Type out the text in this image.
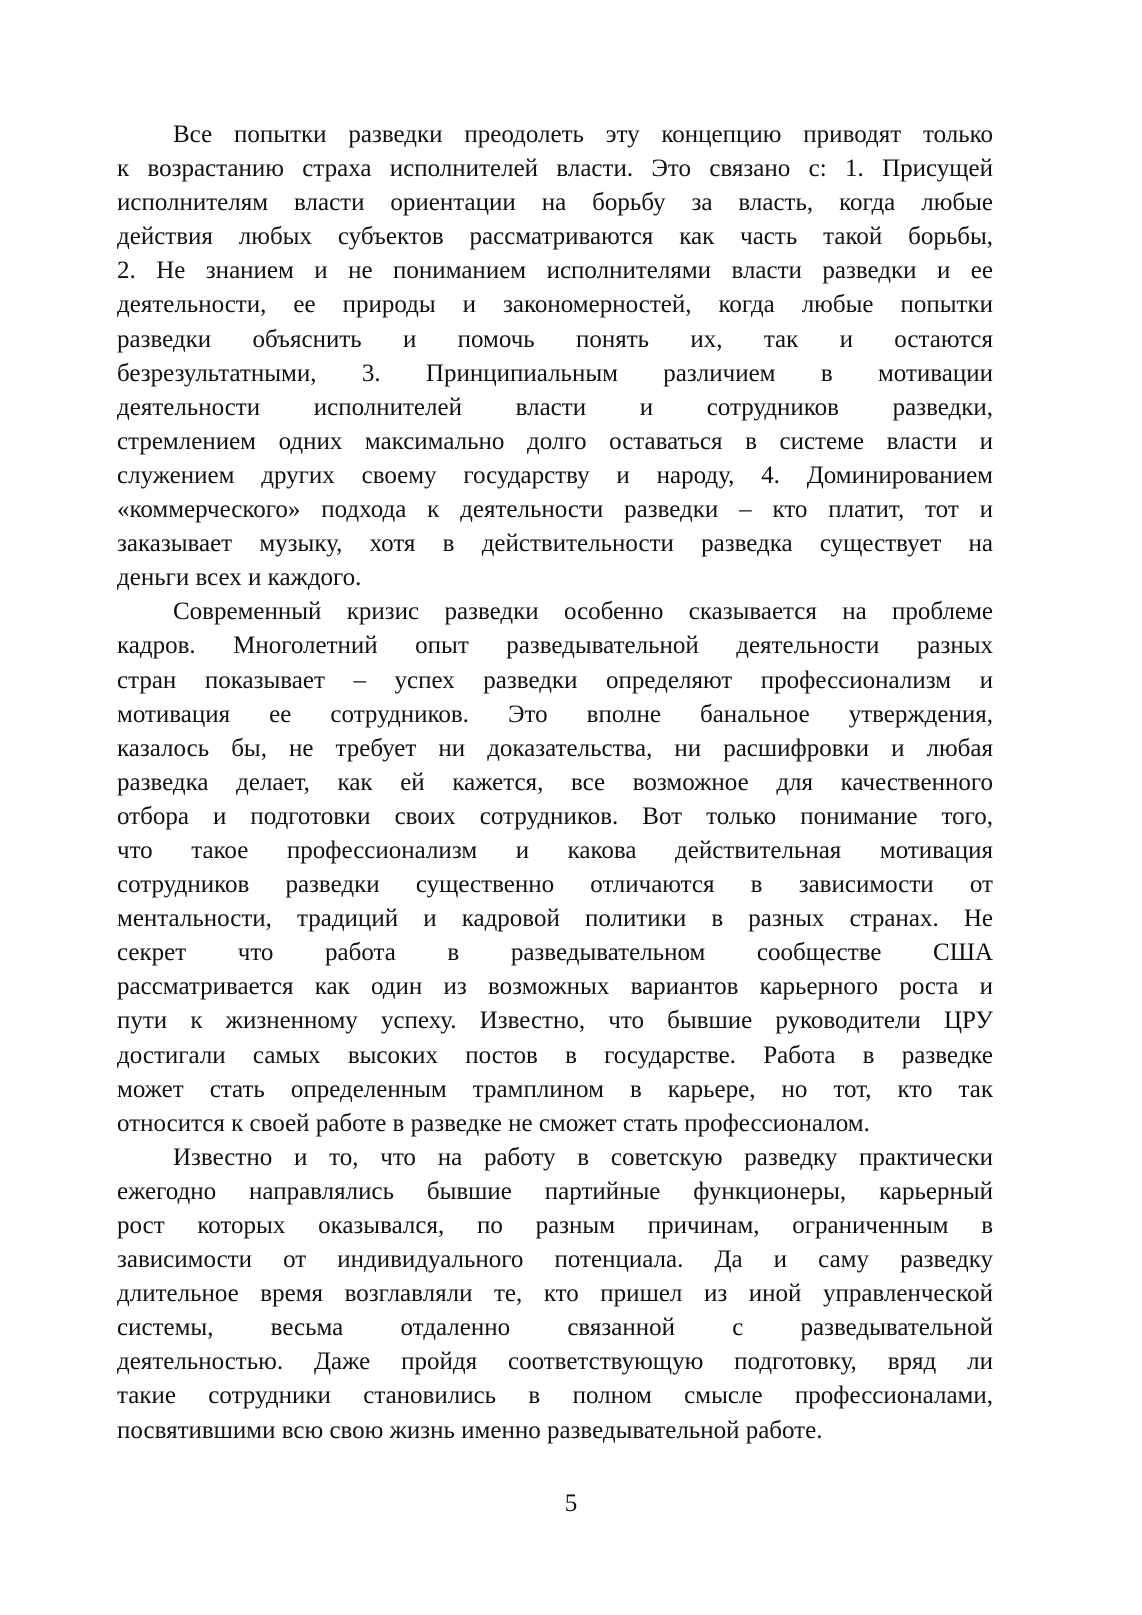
Все попытки разведки преодолеть эту концепцию приводят только
к возрастанию страха исполнителей власти. Это связано с: 1. Присущей
исполнителям власти ориентации на борьбу за власть, когда любые
действия любых субъектов рассматриваются как часть такой борьбы,
2. Не знанием и не пониманием исполнителями власти разведки и ее
деятельности, ее природы и закономерностей, когда любые попытки
разведки объяснить и помочь понять их, так и остаются
безрезультатными, 3. Принципиальным различием в мотивации
деятельности исполнителей власти и сотрудников разведки,
стремлением одних максимально долго оставаться в системе власти и
служением других своему государству и народу, 4. Доминированием
«коммерческого» подхода к деятельности разведки – кто платит, тот и
заказывает музыку, хотя в действительности разведка существует на
деньги всех и каждого.

Современный кризис разведки особенно сказывается на проблеме
кадров. Многолетний опыт разведывательной деятельности разных
стран показывает – успех разведки определяют профессионализм и
мотивация ее сотрудников. Это вполне банальное утверждения,
казалось бы, не требует ни доказательства, ни расшифровки и любая
разведка делает, как ей кажется, все возможное для качественного
отбора и подготовки своих сотрудников. Вот только понимание того,
что такое профессионализм и какова действительная мотивация
сотрудников разведки существенно отличаются в зависимости от
ментальности, традиций и кадровой политики в разных странах. Не
секрет что работа в разведывательном сообществе США
рассматривается как один из возможных вариантов карьерного роста и
пути к жизненному успеху. Известно, что бывшие руководители ЦРУ
достигали самых высоких постов в государстве. Работа в разведке
может стать определенным трамплином в карьере, но тот, кто так
относится к своей работе в разведке не сможет стать профессионалом.

Известно и то, что на работу в советскую разведку практически
ежегодно направлялись бывшие партийные функционеры, карьерный
рост которых оказывался, по разным причинам, ограниченным в
зависимости от индивидуального потенциала. Да и саму разведку
длительное время возглавляли те, кто пришел из иной управленческой
системы, весьма отдаленно связанной с разведывательной
деятельностью. Даже пройдя соответствующую подготовку, вряд ли
такие сотрудники становились в полном смысле профессионалами,
посвятившими всю свою жизнь именно разведывательной работе.

5
